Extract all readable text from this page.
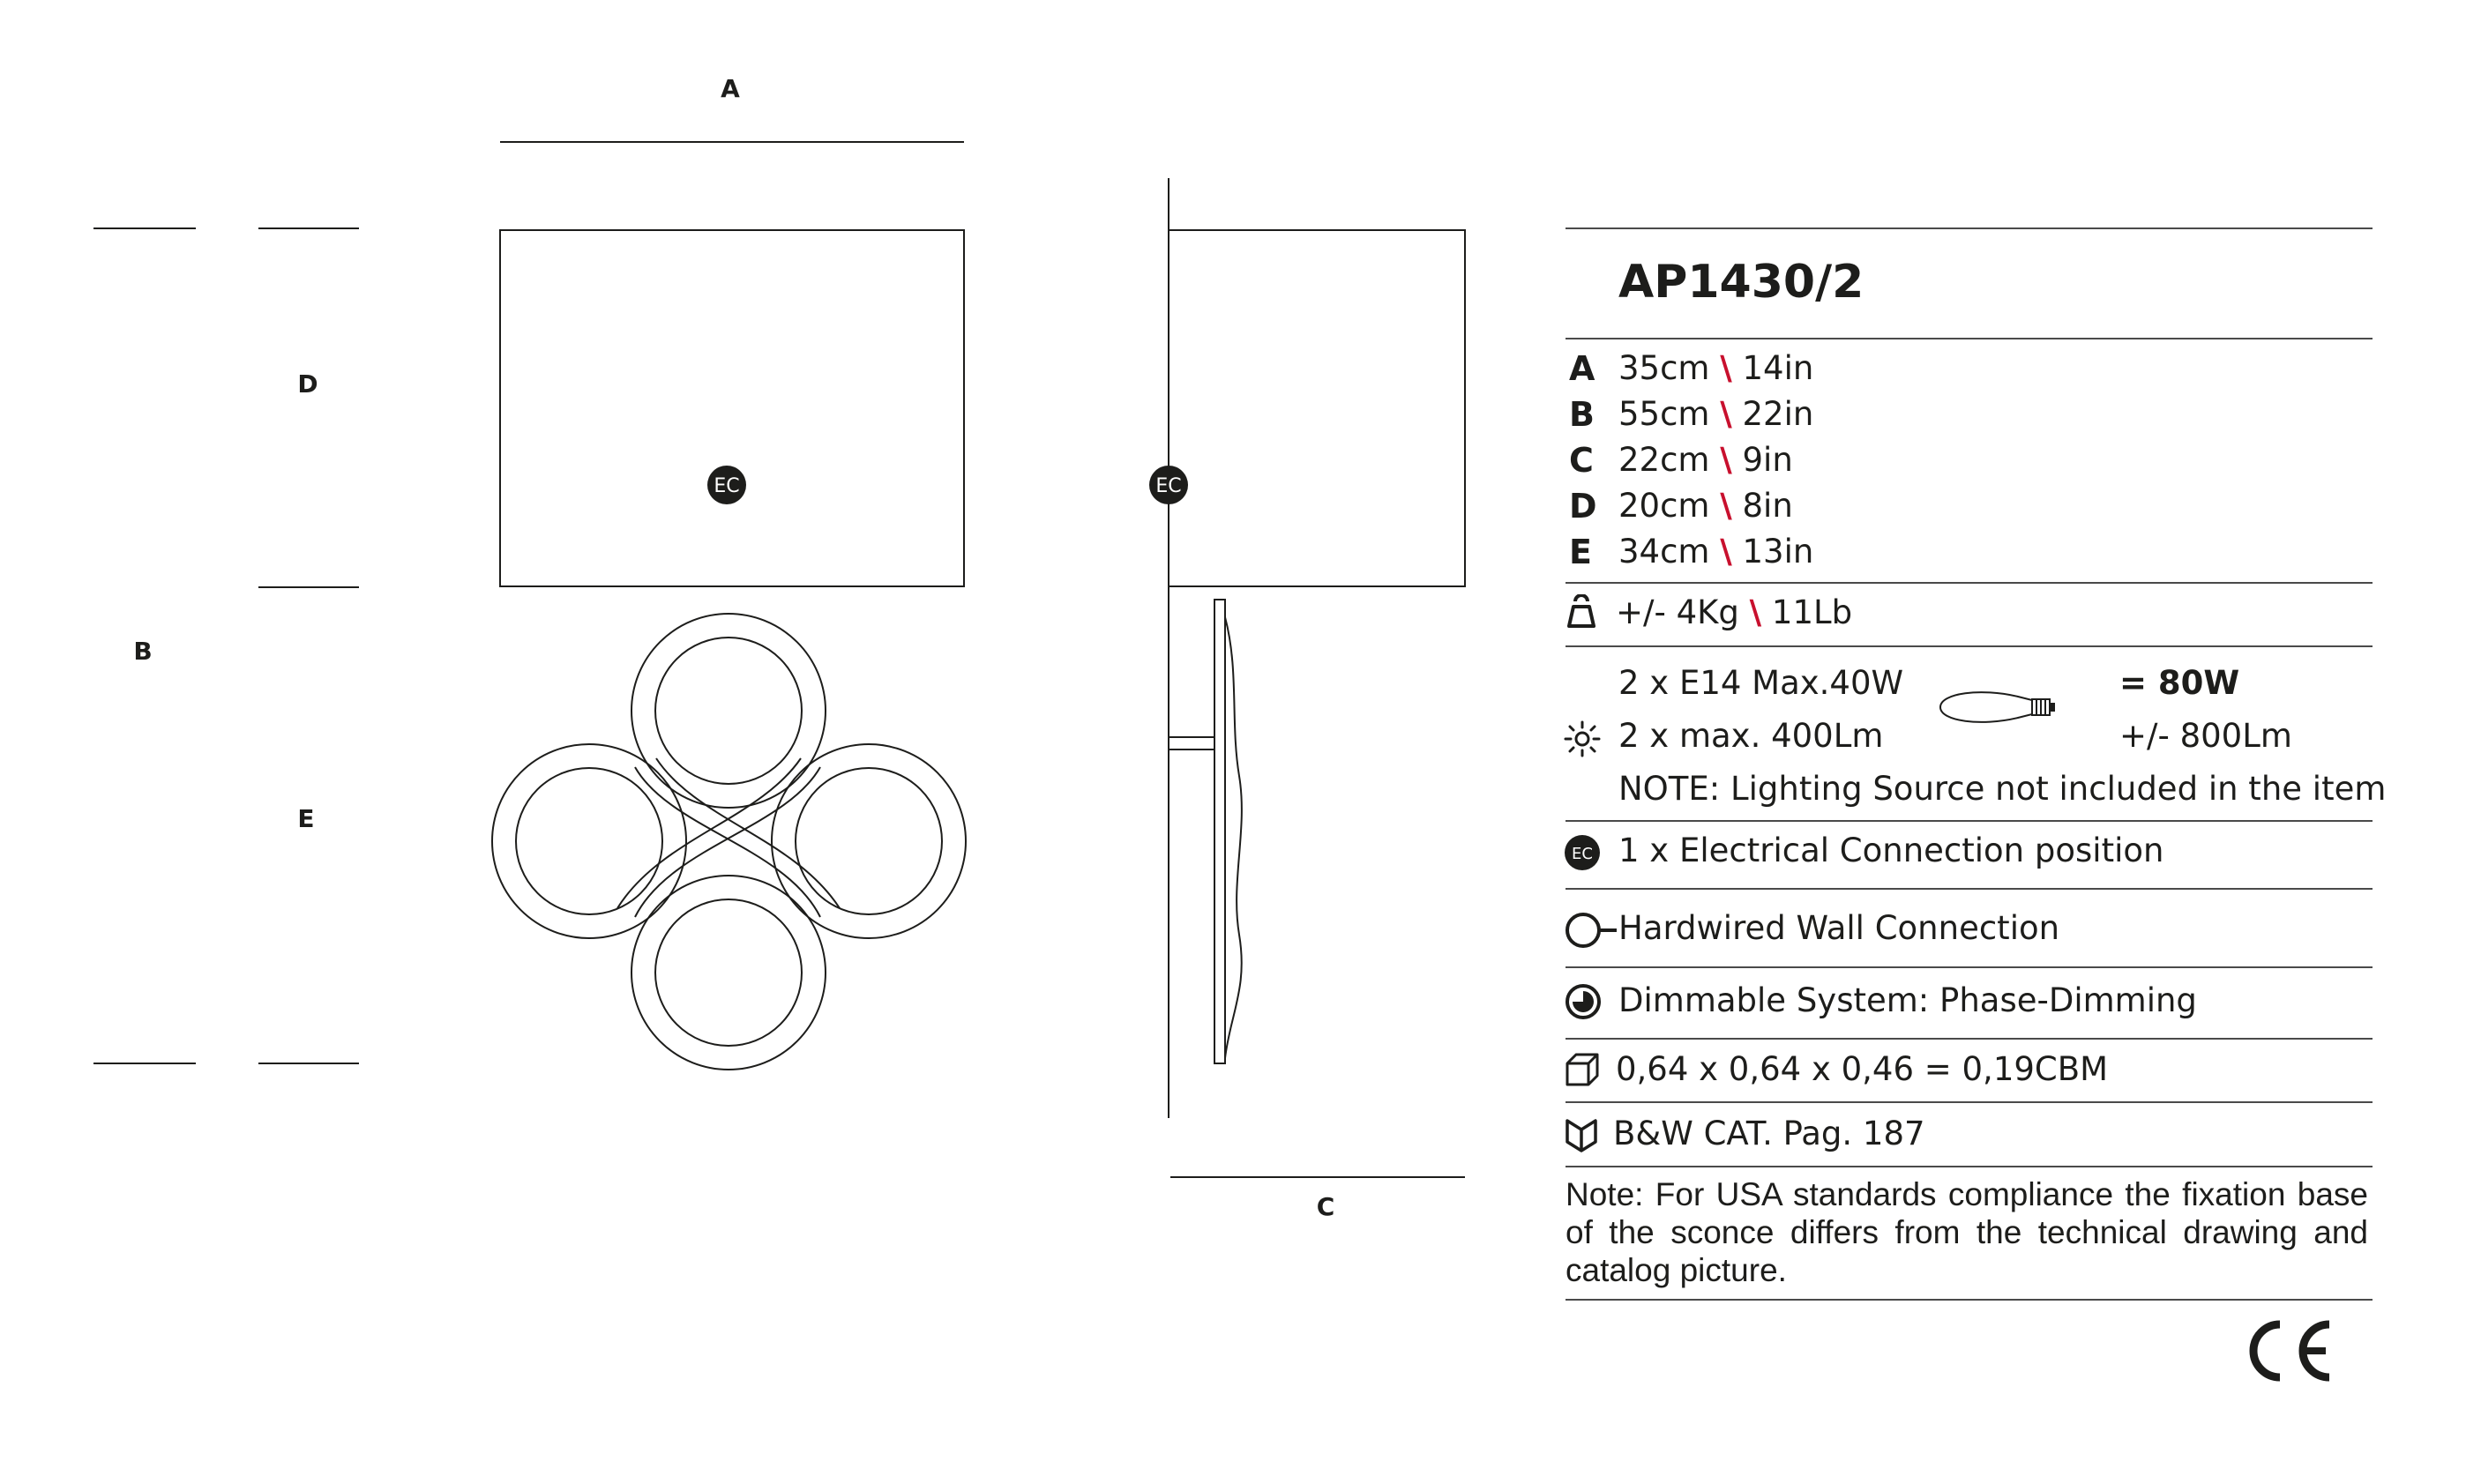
EC	EC
A
B
C
D
E
AP1430/2
A 35cm \ 14in
B 55cm \ 22in
C 22cm \ 9in
D 20cm \ 8in
E 34cm \ 13in
+/- 4Kg \ 11Lb
2 x E14 Max.40W	= 80W
2 x max. 400Lm	+/- 800Lm
NOTE: Lighting Source not included in the item
EC 1 x Electrical Connection position
Hardwired Wall Connection
Dimmable System: Phase-Dimming
0,64 x 0,64 x 0,46 = 0,19CBM
B&W CAT. Pag. 187
Note: For USA standards compliance the fixation base of the sconce differs from the technical drawing and catalog picture.
